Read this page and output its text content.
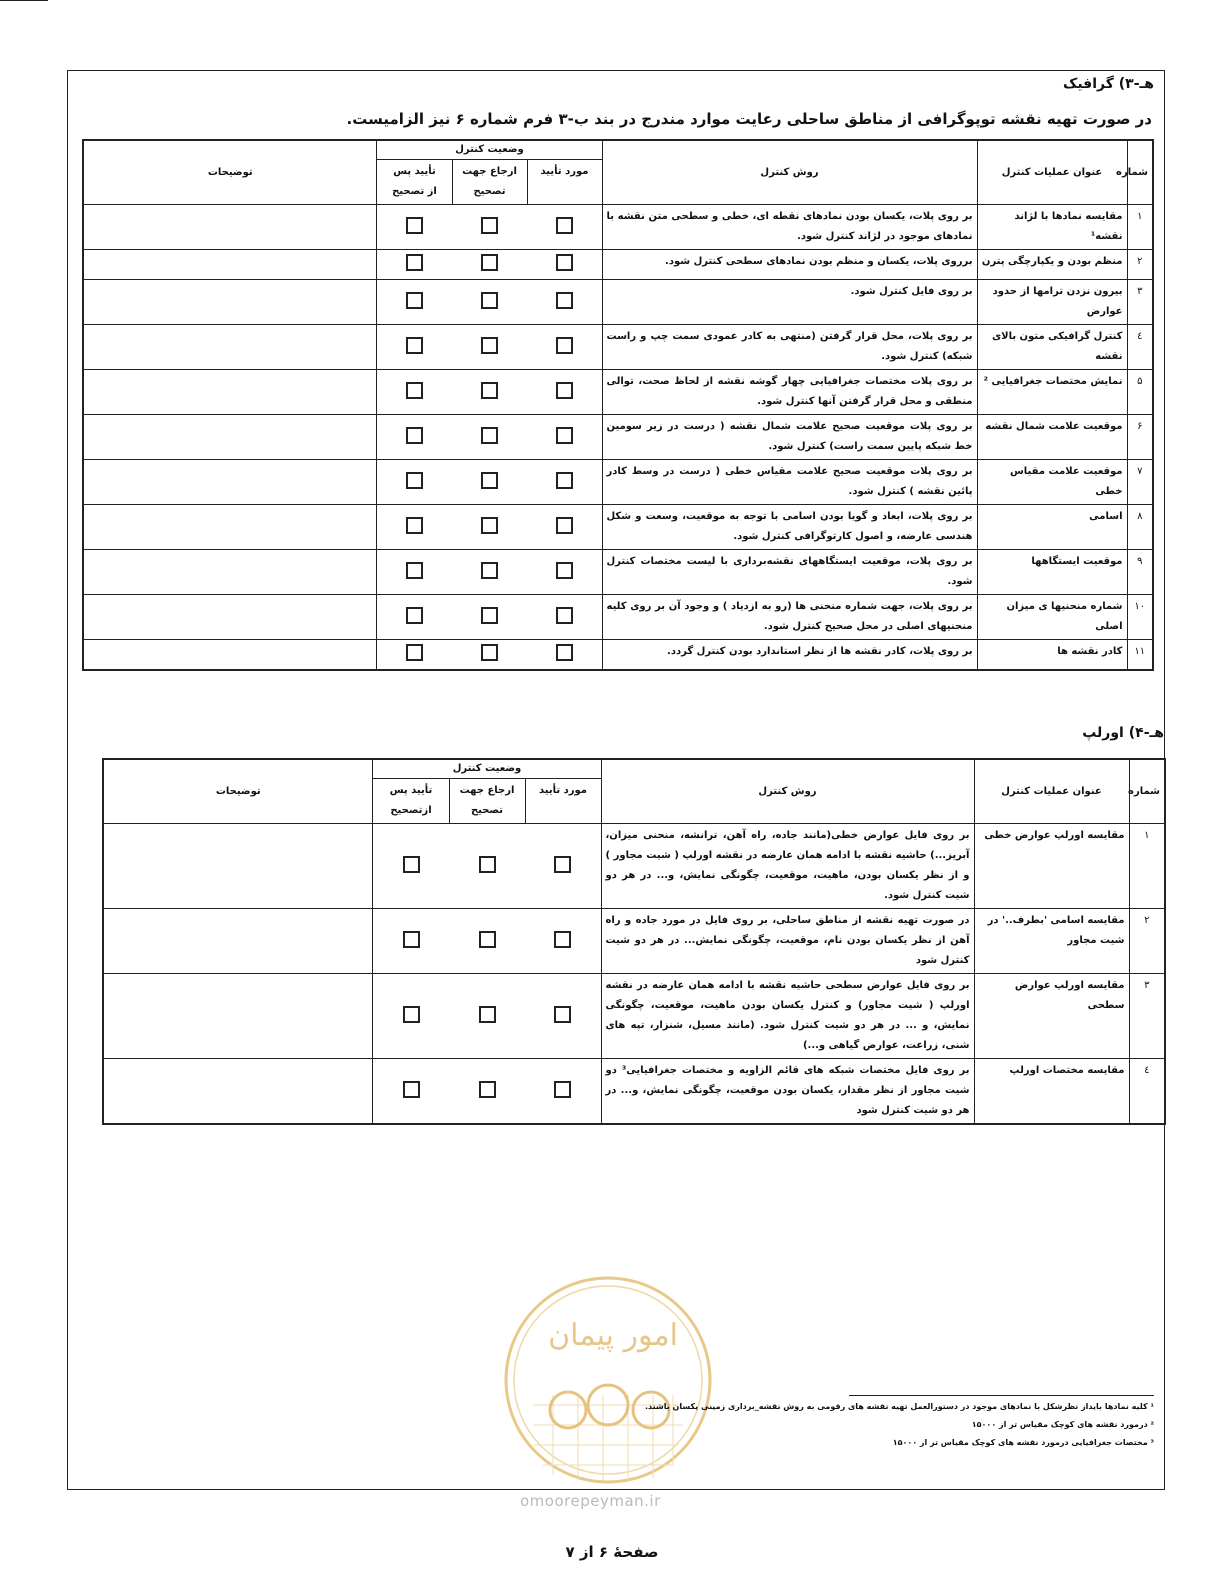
هـ-۳) گرافیک
در صورت تهیه نقشه توپوگرافی از مناطق ساحلی رعایت موارد مندرج در بند ب-۳ فرم شماره ۶ نیز الزامیست.
شماره	عنوان عملیات کنترل	روش کنترل	وضعیت کنترل			توضیحات
			مورد تأیید	ارجاع جهت
تصحیح	تأیید پس
از تصحیح	
۱	مقایسه نمادها با لژاند نقشه¹	بر روی پلات، یکسان بودن نمادهای نقطه ای، خطی و سطحی متن نقشه با نمادهای موجود در لژاند کنترل شود.				
۲	منظم بودن و یکپارچگی پترن	برروی پلات، یکسان و منظم بودن نمادهای سطحی کنترل شود.				
۳	بیرون نزدن ترامها از حدود عوارض	بر روی فایل کنترل شود.				
٤	کنترل گرافیکی متون بالای نقشه	بر روی پلات، محل قرار گرفتن (منتهی به کادر عمودی سمت چپ و راست شبکه) کنترل شود.				
۵	نمایش مختصات جغرافیایی ²	بر روی پلات مختصات جغرافیایی چهار گوشه نقشه از لحاظ صحت، توالی منطقی و محل قرار گرفتن آنها کنترل شود.				
۶	موقعیت علامت شمال نقشه	بر روی پلات موقعیت صحیح علامت شمال نقشه ( درست در زیر سومین خط شبکه پایین سمت راست) کنترل شود.				
۷	موقعیت علامت مقیاس خطی	بر روی پلات موقعیت صحیح علامت مقیاس خطی ( درست در وسط کادر پائین نقشه ) کنترل شود.				
۸	اسامی	بر روی پلات، ابعاد و گویا بودن اسامی با توجه به موقعیت، وسعت و شکل هندسی عارضه، و اصول کارتوگرافی کنترل شود.				
۹	موقعیت ایستگاهها	بر روی پلات، موقعیت ایستگاههای نقشه‌برداری با لیست مختصات کنترل شود.				
۱۰	شماره منحنیها ی میزان اصلی	بر روی پلات، جهت شماره منحنی ها (رو به ازدیاد ) و وجود آن بر روی کلیه منحنیهای اصلی در محل صحیح کنترل شود.				
۱۱	کادر نقشه ها	بر روی پلات، کادر نقشه ها از نظر استاندارد بودن کنترل گردد.				
هـ-۴) اورلپ
شماره	عنوان عملیات کنترل	روش کنترل	وضعیت کنترل			توضیحات
			مورد تأیید	ارجاع جهت
تصحیح	تأیید پس
ازتصحیح	
۱	مقایسه اورلپ عوارض خطی	بر روی فایل عوارض خطی(مانند جاده، راه آهن، ترانشه، منحنی میزان، آبریز...) حاشیه نقشه با ادامه همان عارضه در نقشه اورلپ ( شیت مجاور ) و از نظر یکسان بودن، ماهیت، موقعیت، چگونگی نمایش، و... در هر دو شیت کنترل شود.				
۲	مقایسه اسامی 'بطرف..' در شیت مجاور	در صورت تهیه نقشه از مناطق ساحلی، بر روی فایل در مورد جاده و راه آهن از نظر یکسان بودن نام، موقعیت، چگونگی نمایش... در هر دو شیت کنترل شود				
۳	مقایسه اورلپ عوارض سطحی	بر روی فایل عوارض سطحی حاشیه نقشه با ادامه همان عارضه در نقشه اورلپ ( شیت مجاور) و کنترل یکسان بودن ماهیت، موقعیت، چگونگی نمایش، و ... در هر دو شیت کنترل شود. (مانند مسیل، شنزار، تپه های شنی، زراعت، عوارض گیاهی و...)				
٤	مقایسه مختصات اورلپ	بر روی فایل مختصات شبکه های قائم الزاویه و مختصات جغرافیایی³ دو شیت مجاور از نظر مقدار، یکسان بودن موقعیت، چگونگی نمایش، و... در هر دو شیت کنترل شود				
امور پیمان
¹ کلیه نمادها بایداز نظرشکل با نمادهای موجود در دستورالعمل تهیه نقشه های رقومی به روش نقشه_برداری زمینی یکسان باشند.
² درمورد نقشه های کوچک مقیاس تر از ۱۵۰۰۰
³ مختصات جغرافیایی درمورد نقشه های کوچک مقیاس تر از ۱۵۰۰۰
omoorepeyman.ir
صفحهٔ ۶ از ۷
